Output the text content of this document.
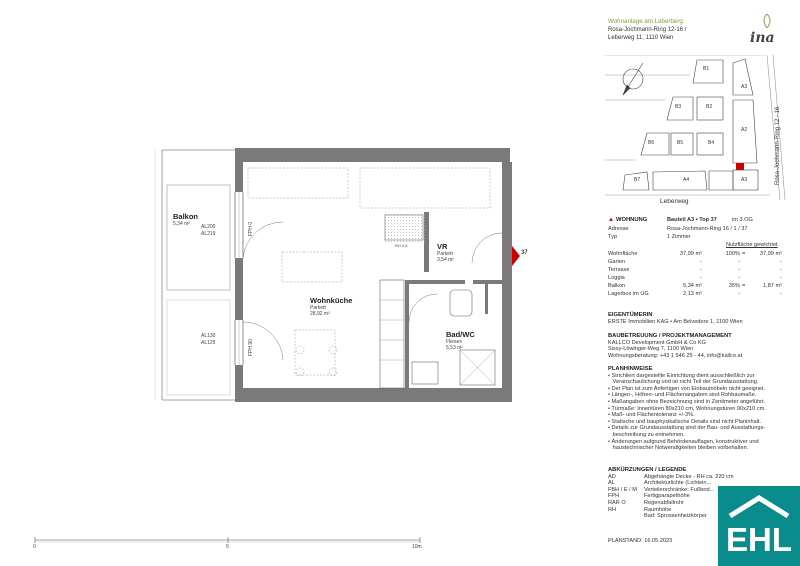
Balkon
5,34 m²
Wohnküche
Parkett
28,92 m²
VR
Parkett
3,54 m²
Bad/WC
Fliesen
5,53 m²
AL200
AL219
AL130
AL125
FPH 0
FPH 90
RH 2,6
37
0	5	10m
Wohnanlage am Leberberg
Rosa-Jochmann-Ring 12-16 /
Leberweg 11, 1110 Wien	ina
B1
B2
B3
B6	B5	B4
A3
A2
B7	A4	A3
Leberweg
Rosa-Jochmann-Ring 12 - 16
▲ WOHNUNG	Bauteil A3 • Top 37	im 3.OG
Adresse	Rosa-Jochmann-Ring 16 / 1 / 37
Typ	1 Zimmer
Nutzfläche gewichtet
Wohnfläche	37,99 m²	100% =	37,99 m²
Garten	-	-	-
Terrasse	-	-	-
Loggia	-	-	-
Balkon	5,34 m²	35% =	1,87 m²
Lagerbox im UG	2,13 m²	-	-
EIGENTÜMERIN
ERSTE Immobilien KAG • Am Belvedere 1, 1100 Wien
BAUBETREUUNG / PROJEKTMANAGEMENT
KALLCO Development GmbH & Co KG
Sissy-Löwinger-Weg 7, 1100 Wien
Wohnungsberatung: +43 1 546 25 - 44, info@kallco.at
PLANHINWEISE
• Strichliert dargestellte Einrichtung dient ausschließlich zur
Veranschaulichung und ist nicht Teil der Grundausstattung.
• Der Plan ist zum Anfertigen von Einbaumöbeln nicht geeignet.
• Längen-, Höhen- und Flächenangaben sind Rohbaumaße.
• Maßangaben ohne Bezeichnung sind in Zentimeter angeführt.
• Türmaße: Innentüren 80x210 cm, Wohnungstüren 90x210 cm.
• Maß- und Flächentoleranz +/-3%.
• Statische und bauphysikalische Details sind nicht Planinhalt.
• Details zur Grundausstattung sind der Bau- und Ausstattungs-
beschreibung zu entnehmen.
• Änderungen aufgrund Behördenauflagen, konstruktiver und
haustechnischer Notwendigkeiten bleiben vorbehalten.
ABKÜRZUNGEN / LEGENDE
AD	Abgehängte Decke - RH ca. 220 cm
AL	Architekturlichte (Lichtein...
FBH / E / M Verteilerschränke: Fußbod...
FPH	Fertigparapethöhe
RAR O	Regenabfallrohr
RH	Raumhöhe
Bad: Sprossenheizkörper
PLANSTAND: 16.05.2023 EHL
